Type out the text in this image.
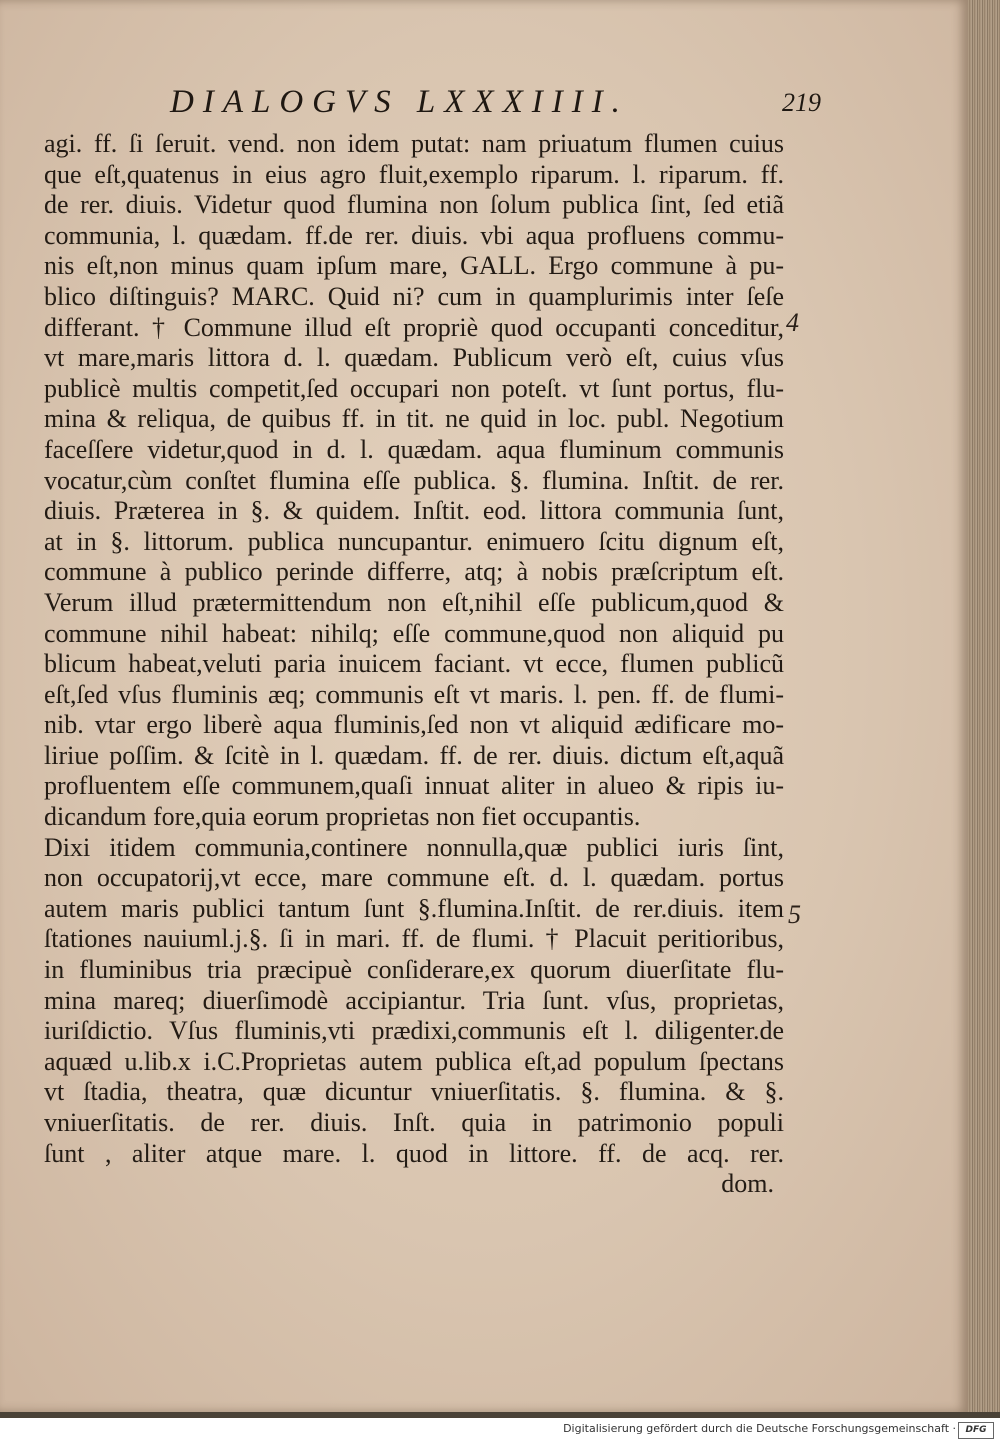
DIALOGVS LXXXIIII.	219
agi. ff. ſi ſeruit. vend. non idem putat: nam priuatum flumen cuius
que eſt,quatenus in eius agro fluit,exemplo riparum. l. riparum. ff.
de rer. diuis. Videtur quod flumina non ſolum publica ſint, ſed etiã
communia, l. quædam. ff.de rer. diuis. vbi aqua profluens commu-
nis eſt,non minus quam ipſum mare, GALL. Ergo commune à pu-
blico diſtinguis? MARC. Quid ni? cum in quamplurimis inter ſeſe
differant. † Commune illud eſt propriè quod occupanti conceditur,
vt mare,maris littora d. l. quædam. Publicum verò eſt, cuius vſus
publicè multis competit,ſed occupari non poteſt. vt ſunt portus, flu-
mina & reliqua, de quibus ff. in tit. ne quid in loc. publ. Negotium
faceſſere videtur,quod in d. l. quædam. aqua fluminum communis
vocatur,cùm conſtet flumina eſſe publica. §. flumina. Inſtit. de rer.
diuis. Præterea in §. & quidem. Inſtit. eod. littora communia ſunt,
at in §. littorum. publica nuncupantur. enimuero ſcitu dignum eſt,
commune à publico perinde differre, atq; à nobis præſcriptum eſt.
Verum illud prætermittendum non eſt,nihil eſſe publicum,quod &
commune nihil habeat: nihilq; eſſe commune,quod non aliquid pu
blicum habeat,veluti paria inuicem faciant. vt ecce, flumen publicũ
eſt,ſed vſus fluminis æq; communis eſt vt maris. l. pen. ff. de flumi-
nib. vtar ergo liberè aqua fluminis,ſed non vt aliquid ædificare mo-
liriue poſſim. & ſcitè in l. quædam. ff. de rer. diuis. dictum eſt,aquã
profluentem eſſe communem,quaſi innuat aliter in alueo & ripis iu-
dicandum fore,quia eorum proprietas non fiet occupantis.
Dixi itidem communia,continere nonnulla,quæ publici iuris ſint,
non occupatorij,vt ecce, mare commune eſt. d. l. quædam. portus
autem maris publici tantum ſunt §.flumina.Inſtit. de rer.diuis. item
ſtationes nauiuml.j.§. ſi in mari. ff. de flumi. † Placuit peritioribus,
in fluminibus tria præcipuè conſiderare,ex quorum diuerſitate flu-
mina mareq; diuerſimodè accipiantur. Tria ſunt. vſus, proprietas,
iuriſdictio. Vſus fluminis,vti prædixi,communis eſt l. diligenter.de
aquæd u.lib.x i.C.Proprietas autem publica eſt,ad populum ſpectans
vt ſtadia, theatra, quæ dicuntur vniuerſitatis. §. flumina. & §.
vniuerſitatis. de rer. diuis. Inſt. quia in patrimonio populi
ſunt , aliter atque mare. l. quod in littore. ff. de acq. rer.
dom.
4
5
Digitalisierung gefördert durch die Deutsche Forschungsgemeinschaft ·	DFG
